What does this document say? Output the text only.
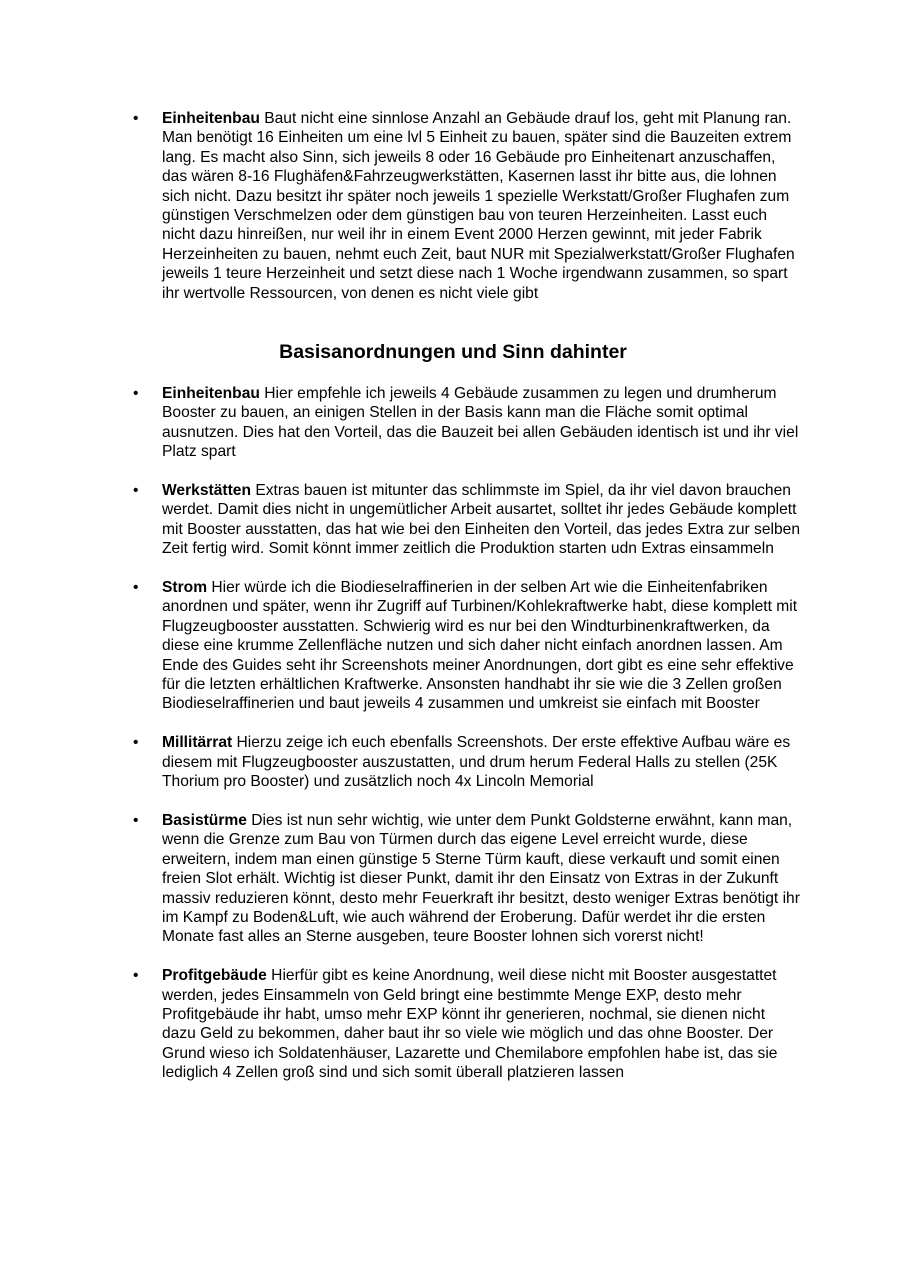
• Einheitenbau Baut nicht eine sinnlose Anzahl an Gebäude drauf los, geht mit Planung ran. Man benötigt 16 Einheiten um eine lvl 5 Einheit zu bauen, später sind die Bauzeiten extrem lang. Es macht also Sinn, sich jeweils 8 oder 16 Gebäude pro Einheitenart anzuschaffen, das wären 8-16 Flughäfen&Fahrzeugwerkstätten, Kasernen lasst ihr bitte aus, die lohnen sich nicht. Dazu besitzt ihr später noch jeweils 1 spezielle Werkstatt/Großer Flughafen zum günstigen Verschmelzen oder dem günstigen bau von teuren Herzeinheiten. Lasst euch nicht dazu hinreißen, nur weil ihr in einem Event 2000 Herzen gewinnt, mit jeder Fabrik Herzeinheiten zu bauen, nehmt euch Zeit, baut NUR mit Spezialwerkstatt/Großer Flughafen jeweils 1 teure Herzeinheit und setzt diese nach 1 Woche irgendwann zusammen, so spart ihr wertvolle Ressourcen, von denen es nicht viele gibt
Basisanordnungen und Sinn dahinter
• Einheitenbau Hier empfehle ich jeweils 4 Gebäude zusammen zu legen und drumherum Booster zu bauen, an einigen Stellen in der Basis kann man die Fläche somit optimal ausnutzen. Dies hat den Vorteil, das die Bauzeit bei allen Gebäuden identisch ist und ihr viel Platz spart
• Werkstätten Extras bauen ist mitunter das schlimmste im Spiel, da ihr viel davon brauchen werdet. Damit dies nicht in ungemütlicher Arbeit ausartet, solltet ihr jedes Gebäude komplett mit Booster ausstatten, das hat wie bei den Einheiten den Vorteil, das jedes Extra zur selben Zeit fertig wird. Somit könnt immer zeitlich die Produktion starten udn Extras einsammeln
• Strom Hier würde ich die Biodieselraffinerien in der selben Art wie die Einheitenfabriken anordnen und später, wenn ihr Zugriff auf Turbinen/Kohlekraftwerke habt, diese komplett mit Flugzeugbooster ausstatten. Schwierig wird es nur bei den Windturbinenkraftwerken, da diese eine krumme Zellenfläche nutzen und sich daher nicht einfach anordnen lassen. Am Ende des Guides seht ihr Screenshots meiner Anordnungen, dort gibt es eine sehr effektive für die letzten erhältlichen Kraftwerke. Ansonsten handhabt ihr sie wie die 3 Zellen großen Biodieselraffinerien und baut jeweils 4 zusammen und umkreist sie einfach mit Booster
• Millitärrat Hierzu zeige ich euch ebenfalls Screenshots. Der erste effektive Aufbau wäre es diesem mit Flugzeugbooster auszustatten, und drum herum Federal Halls zu stellen (25K Thorium pro Booster) und zusätzlich noch 4x Lincoln Memorial
• Basistürme Dies ist nun sehr wichtig, wie unter dem Punkt Goldsterne erwähnt, kann man, wenn die Grenze zum Bau von Türmen durch das eigene Level erreicht wurde, diese erweitern, indem man einen günstige 5 Sterne Türm kauft, diese verkauft und somit einen freien Slot erhält. Wichtig ist dieser Punkt, damit ihr den Einsatz von Extras in der Zukunft massiv reduzieren könnt, desto mehr Feuerkraft ihr besitzt, desto weniger Extras benötigt ihr im Kampf zu Boden&Luft, wie auch während der Eroberung. Dafür werdet ihr die ersten Monate fast alles an Sterne ausgeben, teure Booster lohnen sich vorerst nicht!
• Profitgebäude Hierfür gibt es keine Anordnung, weil diese nicht mit Booster ausgestattet werden, jedes Einsammeln von Geld bringt eine bestimmte Menge EXP, desto mehr Profitgebäude ihr habt, umso mehr EXP könnt ihr generieren, nochmal, sie dienen nicht dazu Geld zu bekommen, daher baut ihr so viele wie möglich und das ohne Booster. Der Grund wieso ich Soldatenhäuser, Lazarette und Chemilabore empfohlen habe ist, das sie lediglich 4 Zellen groß sind und sich somit überall platzieren lassen
